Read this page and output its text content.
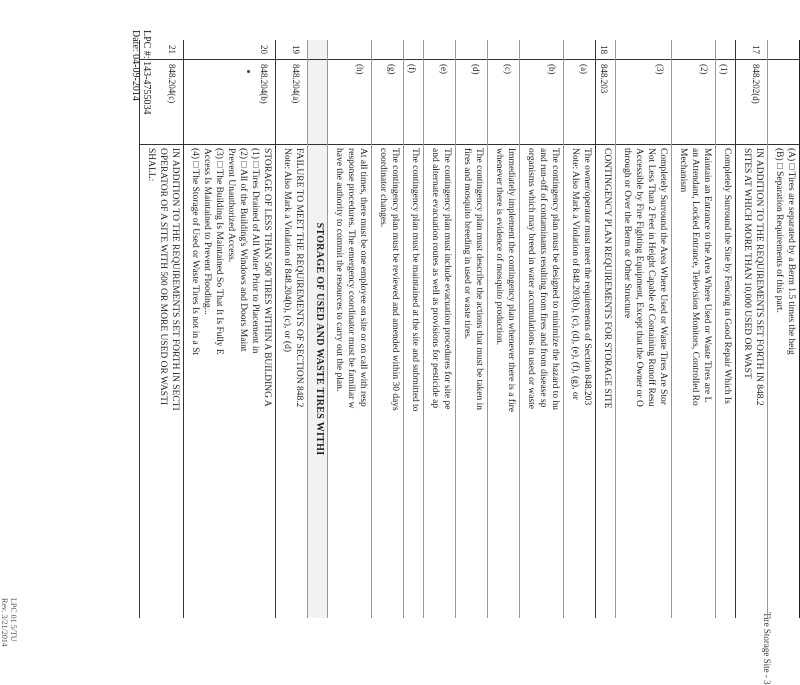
LPC #: 143-4755034
Date: 04-09-2014
LPC 01 5/TU
Rev. 3/21/2014	Tire Storage Site - 3
(A) □ Tires are separated by a Berm 1.5 times the heig
(B) □ Separation Requirements of this part.
17
848.202(d)
IN ADDITION TO THE REQUIREMENTS SET FORTH IN 848.2
SITES AT WHICH MORE THAN 10,000 USED OR WAST
(1)
Completely Surround the Site by Fencing in Good Repair Which Is
(2)
Maintain an Entrance to the Area Where Used or Waste Tires are L
an Attendant, Locked Entrance, Television Monitors, Controlled Ro
Mechanism
(3)
Completely Surround the Area Where Used or Waste Tires Are Stor
Not Less Than 2 Feet in Height Capable of Containing Runoff Resu
Accessible by Fire Fighting Equipment, Except that the Owner or O
through or Over the Berm or Other Structure
18
848.203
CONTINGENCY PLAN REQUIREMENTS FOR STORAGE SITE
(a)
The owner/operator must meet the requirements of Section 848.203
Note: Also Mark a Violation of 848.203(b), (c), (d), (e), (f), (g), or
(b)
The contingency plan must be designed to minimize the hazard to hu
and run-off of contaminants resulting from fires and from disease sp
organisms which may breed in water accumulations in used or waste
(c)
Immediately implement the contingency plan whenever there is a fire
whenever there is evidence of mosquito production.
(d)
The contingency plan must describe the actions that must be taken in
fires and mosquito breeding in used or waste tires.
(e)
The contingency plan must include evacuation procedures for site pe
and alternate evacuation routes as well as provisions for pesticide ap
(f)
The contingency plan must be maintained at the site and submitted to
(g)
The contingency plan must be reviewed and amended within 30 days
coordinator changes.
(h)
At all times, there must be one employee on site or on call with resp
response procedures. The emergency coordinator must be familiar w
have the authority to commit the resources to carry out the plan.
STORAGE OF USED AND WASTE TIRES WITHI
19
848.204(a)
FAILURE TO MEET THE REQUIREMENTS OF SECTION 848.2
Note: Also Mark a Violation of 848.204(b), (c), or (d)
20
848.204(b)
STORAGE OF LESS THAN 500 TIRES WITHIN A BUILDING A
(1) □ Tires Drained of All Water Prior to Placement in
(2) □ All of the Building's Windows and Doors Maint
Prevent Unauthorized Access.
(3) □ The Building Is Maintained So That It Is Fully E
Access Is Maintained to Prevent Flooding...
(4) □ The Storage of Used or Waste Tires Is not in a St
21
848.204(c)
IN ADDITION TO THE REQUIREMENTS SET FORTH IN SECTI
OPERATOR OF A SITE WITH 500 OR MORE USED OR WASTI
SHALL:
